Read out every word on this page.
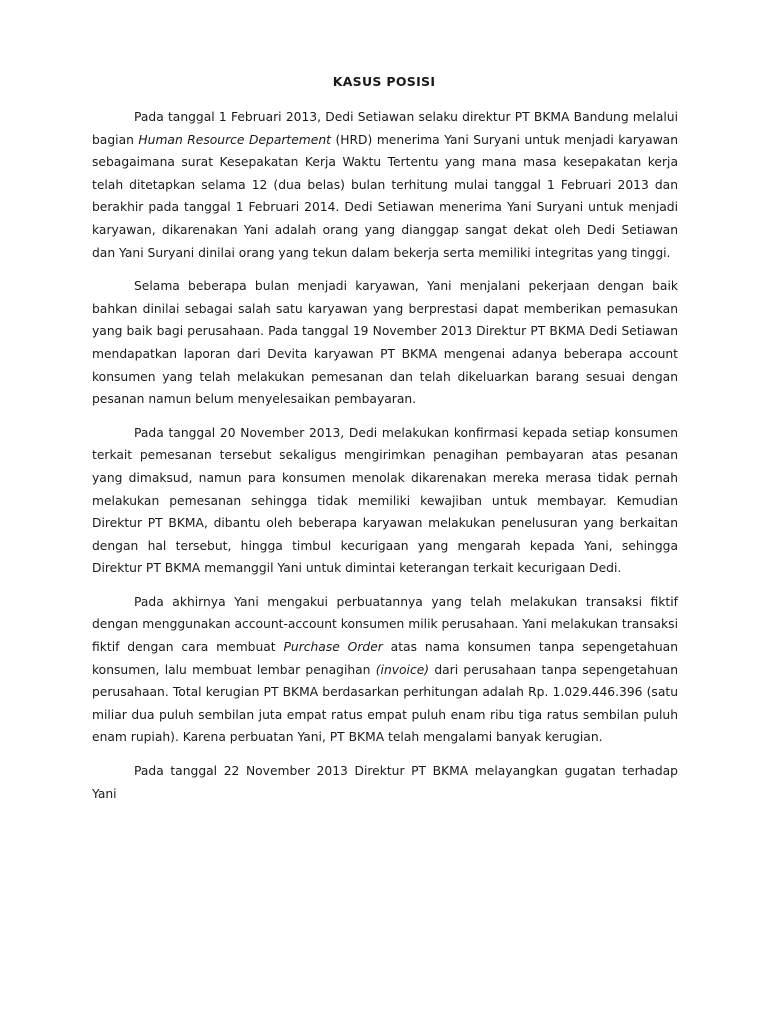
KASUS POSISI

Pada tanggal 1 Februari 2013, Dedi Setiawan selaku direktur PT BKMA Bandung melalui bagian Human Resource Departement (HRD) menerima Yani Suryani untuk menjadi karyawan sebagaimana surat Kesepakatan Kerja Waktu Tertentu yang mana masa kesepakatan kerja telah ditetapkan selama 12 (dua belas) bulan terhitung mulai tanggal 1 Februari 2013 dan berakhir pada tanggal 1 Februari 2014. Dedi Setiawan menerima Yani Suryani untuk menjadi karyawan, dikarenakan Yani adalah orang yang dianggap sangat dekat oleh Dedi Setiawan dan Yani Suryani dinilai orang yang tekun dalam bekerja serta memiliki integritas yang tinggi.

Selama beberapa bulan menjadi karyawan, Yani menjalani pekerjaan dengan baik bahkan dinilai sebagai salah satu karyawan yang berprestasi dapat memberikan pemasukan yang baik bagi perusahaan. Pada tanggal 19 November 2013 Direktur PT BKMA Dedi Setiawan mendapatkan laporan dari Devita karyawan PT BKMA mengenai adanya beberapa account konsumen yang telah melakukan pemesanan dan telah dikeluarkan barang sesuai dengan pesanan namun belum menyelesaikan pembayaran.

Pada tanggal 20 November 2013, Dedi melakukan konfirmasi kepada setiap konsumen terkait pemesanan tersebut sekaligus mengirimkan penagihan pembayaran atas pesanan yang dimaksud, namun para konsumen menolak dikarenakan mereka merasa tidak pernah melakukan pemesanan sehingga tidak memiliki kewajiban untuk membayar. Kemudian Direktur PT BKMA, dibantu oleh beberapa karyawan melakukan penelusuran yang berkaitan dengan hal tersebut, hingga timbul kecurigaan yang mengarah kepada Yani, sehingga Direktur PT BKMA memanggil Yani untuk dimintai keterangan terkait kecurigaan Dedi.

Pada akhirnya Yani mengakui perbuatannya yang telah melakukan transaksi fiktif dengan menggunakan account-account konsumen milik perusahaan. Yani melakukan transaksi fiktif dengan cara membuat Purchase Order atas nama konsumen tanpa sepengetahuan konsumen, lalu membuat lembar penagihan (invoice) dari perusahaan tanpa sepengetahuan perusahaan. Total kerugian PT BKMA berdasarkan perhitungan adalah Rp. 1.029.446.396 (satu miliar dua puluh sembilan juta empat ratus empat puluh enam ribu tiga ratus sembilan puluh enam rupiah). Karena perbuatan Yani, PT BKMA telah mengalami banyak kerugian.

Pada tanggal 22 November 2013 Direktur PT BKMA melayangkan gugatan terhadap Yani
